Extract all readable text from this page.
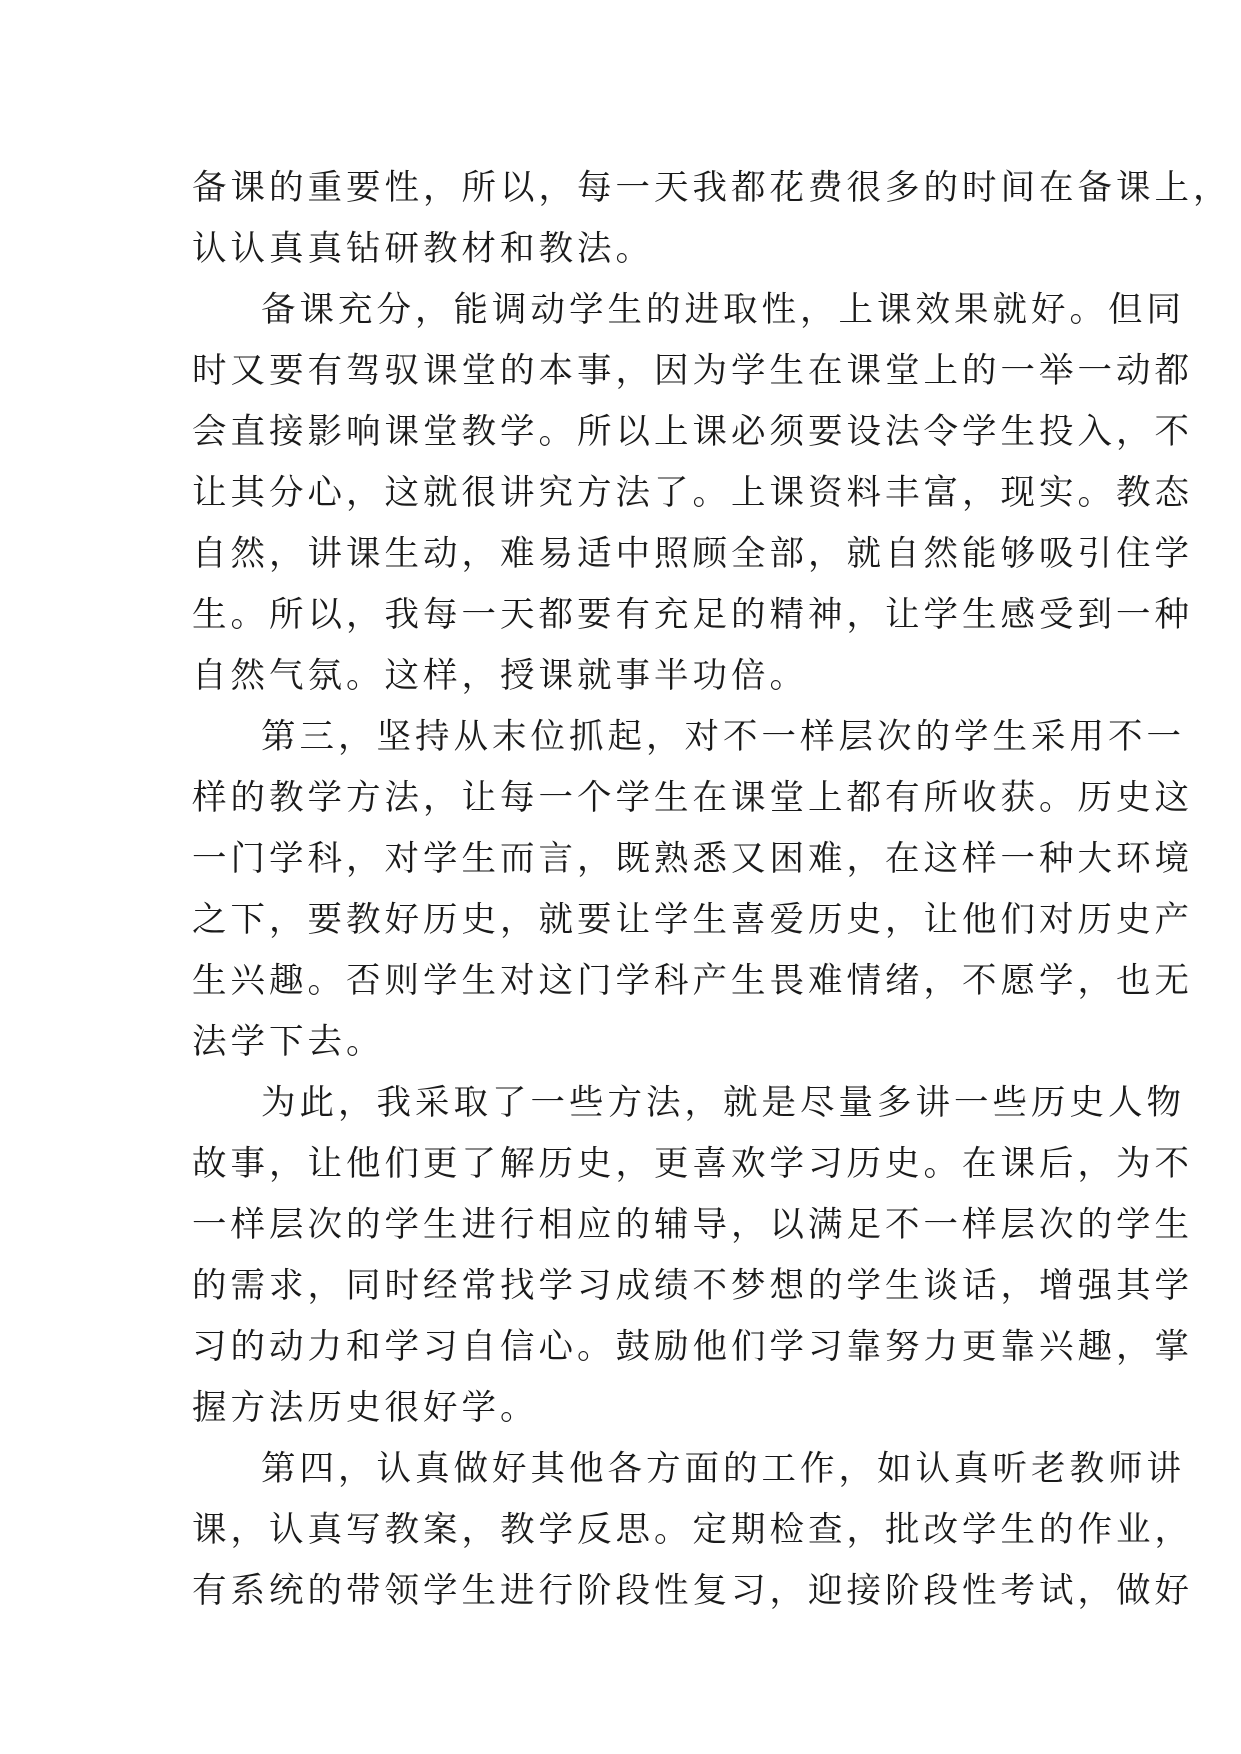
备课的重要性，所以，每一天我都花费很多的时间在备课上，
认认真真钻研教材和教法。
备课充分，能调动学生的进取性，上课效果就好。但同
时又要有驾驭课堂的本事，因为学生在课堂上的一举一动都
会直接影响课堂教学。所以上课必须要设法令学生投入，不
让其分心，这就很讲究方法了。上课资料丰富，现实。教态
自然，讲课生动，难易适中照顾全部，就自然能够吸引住学
生。所以，我每一天都要有充足的精神，让学生感受到一种
自然气氛。这样，授课就事半功倍。
第三，坚持从末位抓起，对不一样层次的学生采用不一
样的教学方法，让每一个学生在课堂上都有所收获。历史这
一门学科，对学生而言，既熟悉又困难，在这样一种大环境
之下，要教好历史，就要让学生喜爱历史，让他们对历史产
生兴趣。否则学生对这门学科产生畏难情绪，不愿学，也无
法学下去。
为此，我采取了一些方法，就是尽量多讲一些历史人物
故事，让他们更了解历史，更喜欢学习历史。在课后，为不
一样层次的学生进行相应的辅导，以满足不一样层次的学生
的需求，同时经常找学习成绩不梦想的学生谈话，增强其学
习的动力和学习自信心。鼓励他们学习靠努力更靠兴趣，掌
握方法历史很好学。
第四，认真做好其他各方面的工作，如认真听老教师讲
课，认真写教案，教学反思。定期检查，批改学生的作业，
有系统的带领学生进行阶段性复习，迎接阶段性考试，做好
